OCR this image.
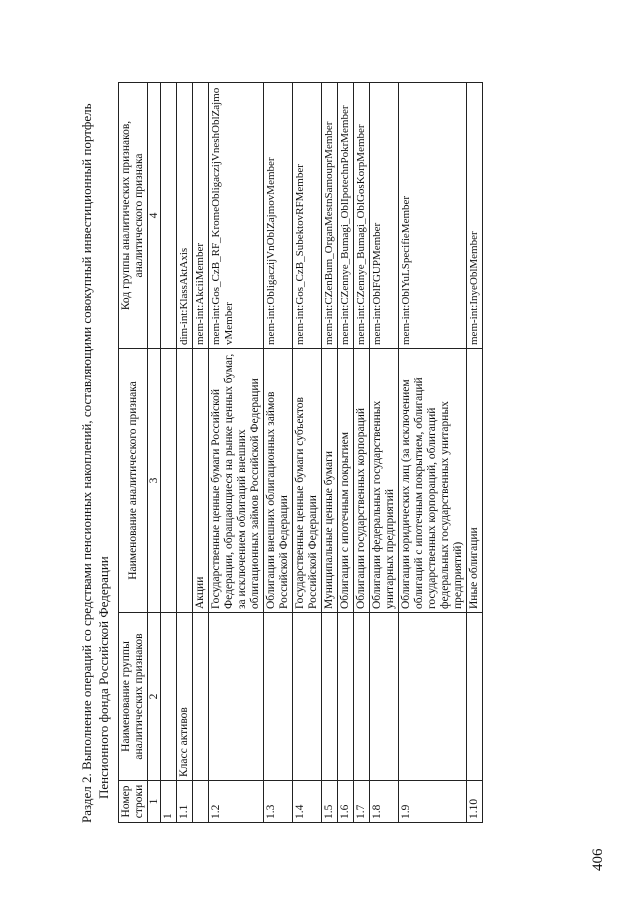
406
Раздел 2. Выполнение операций со средствами пенсионных накоплений, составляющими совокупный инвестиционный портфель Пенсионного фонда Российской Федерации
Номер строки	Наименование группы аналитических признаков	Наименование аналитического признака	Код группы аналитических признаков, аналитического признака
1	2	3	4
1			
1.1	Класс активов		dim-int:KlassAktAxis
		Акции	mem-int:AkciiMember
1.2		Государственные ценные бумаги Российской Федерации, обращающиеся на рынке ценных бумаг, за исключением облигаций внешних облигационных займов Российской Федерации	mem-int:Gos_CzB_RF_KromeObligaczijVneshOblZajmovMember
1.3		Облигации внешних облигационных займов Российской Федерации	mem-int:ObligaczijVnOblZajmovMember
1.4		Государственные ценные бумаги субъектов Российской Федерации	mem-int:Gos_CzB_SubektovRFMember
1.5		Муниципальные ценные бумаги	mem-int:CZenBum_OrganMestnSamouprMember
1.6		Облигации с ипотечным покрытием	mem-int:CZennye_Bumagi_OblIpotechnPokrMember
1.7		Облигации государственных корпораций	mem-int:CZennye_Bumagi_OblGosKorpMember
1.8		Облигации федеральных государственных унитарных предприятий	mem-int:OblFGUPMember
1.9		Облигации юридических лиц (за исключением облигаций с ипотечным покрытием, облигаций государственных корпораций, облигаций федеральных государственных унитарных предприятий)	mem-int:OblYuLSpecifieMember
1.10		Иные облигации	mem-int:InyeOblMember
